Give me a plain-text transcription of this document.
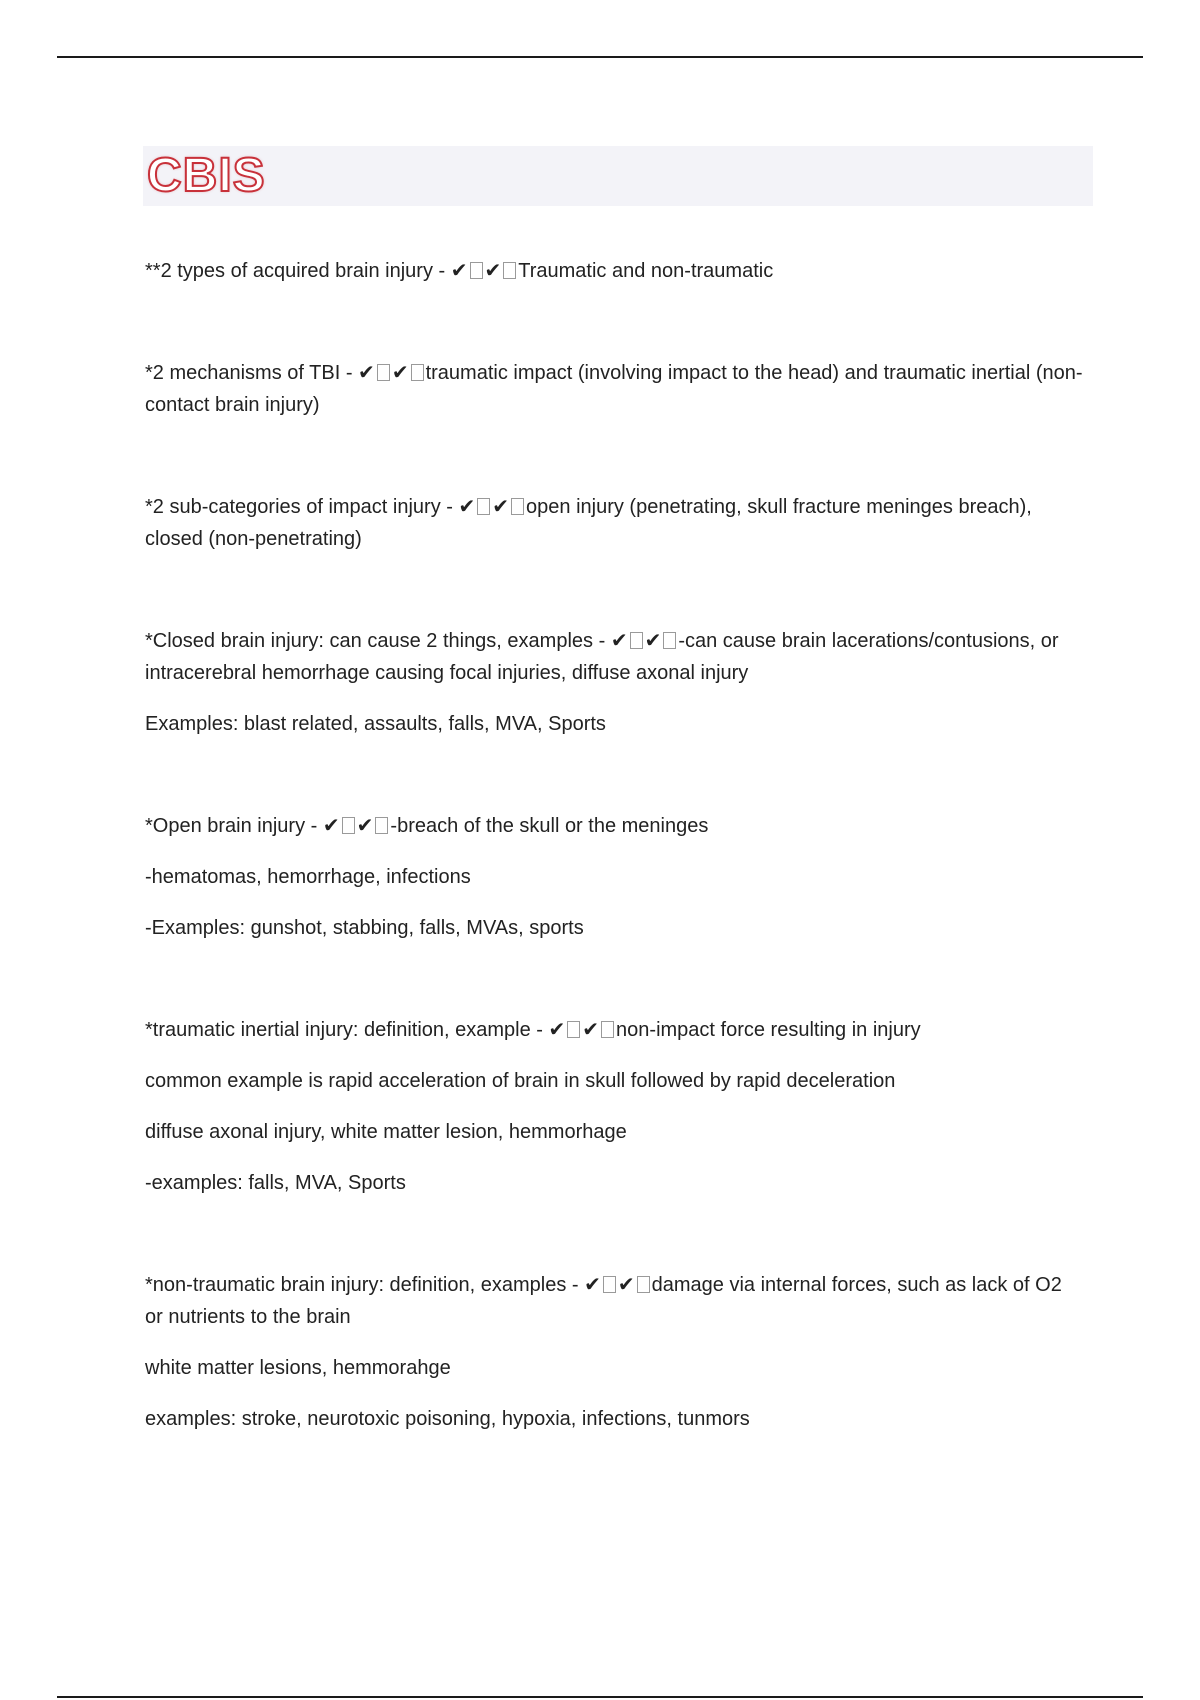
CBIS
**2 types of acquired brain injury - ✔ ✔ Traumatic and non-traumatic
*2 mechanisms of TBI - ✔ ✔ traumatic impact (involving impact to the head) and traumatic inertial (non-contact brain injury)
*2 sub-categories of impact injury - ✔ ✔ open injury (penetrating, skull fracture meninges breach), closed (non-penetrating)
*Closed brain injury: can cause 2 things, examples - ✔ ✔ -can cause brain lacerations/contusions, or intracerebral hemorrhage causing focal injuries, diffuse axonal injury
Examples: blast related, assaults, falls, MVA, Sports
*Open brain injury - ✔ ✔ -breach of the skull or the meninges
-hematomas, hemorrhage, infections
-Examples: gunshot, stabbing, falls, MVAs, sports
*traumatic inertial injury: definition, example - ✔ ✔ non-impact force resulting in injury
common example is rapid acceleration of brain in skull followed by rapid deceleration
diffuse axonal injury, white matter lesion, hemmorhage
-examples: falls, MVA, Sports
*non-traumatic brain injury: definition, examples - ✔ ✔ damage via internal forces, such as lack of O2 or nutrients to the brain
white matter lesions, hemmorahge
examples: stroke, neurotoxic poisoning, hypoxia, infections, tunmors
